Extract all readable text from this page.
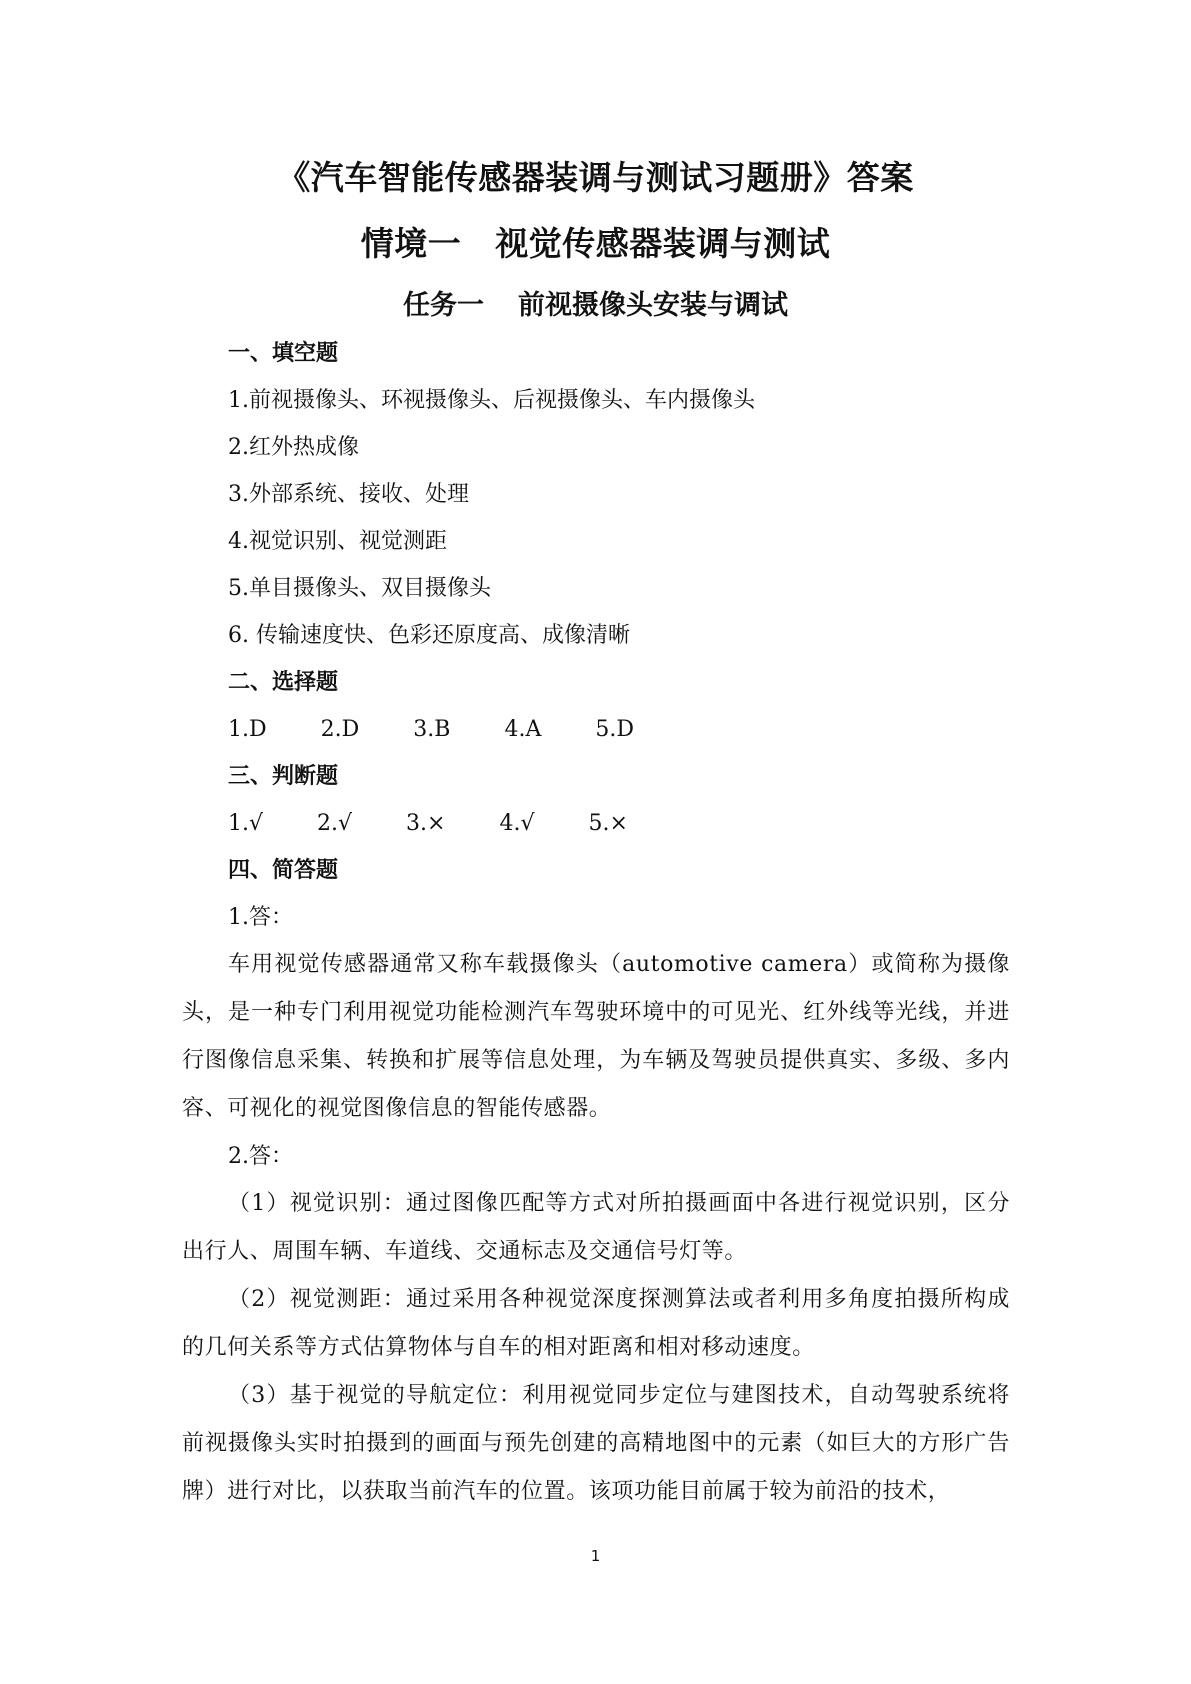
《汽车智能传感器装调与测试习题册》答案
情境一 视觉传感器装调与测试
任务一 前视摄像头安装与调试
一、填空题
1.前视摄像头、环视摄像头、后视摄像头、车内摄像头
2.红外热成像
3.外部系统、接收、处理
4.视觉识别、视觉测距
5.单目摄像头、双目摄像头
6. 传输速度快、色彩还原度高、成像清晰
二、选择题
1.D 2.D 3.B 4.A 5.D
三、判断题
1.√ 2.√ 3.× 4.√ 5.×
四、简答题
1.答：

车用视觉传感器通常又称车载摄像头（automotive camera）或简称为摄像头，是一种专门利用视觉功能检测汽车驾驶环境中的可见光、红外线等光线，并进行图像信息采集、转换和扩展等信息处理，为车辆及驾驶员提供真实、多级、多内容、可视化的视觉图像信息的智能传感器。

2.答：

（1）视觉识别：通过图像匹配等方式对所拍摄画面中各进行视觉识别，区分出行人、周围车辆、车道线、交通标志及交通信号灯等。

（2）视觉测距：通过采用各种视觉深度探测算法或者利用多角度拍摄所构成的几何关系等方式估算物体与自车的相对距离和相对移动速度。

（3）基于视觉的导航定位：利用视觉同步定位与建图技术，自动驾驶系统将前视摄像头实时拍摄到的画面与预先创建的高精地图中的元素（如巨大的方形广告牌）进行对比，以获取当前汽车的位置。该项功能目前属于较为前沿的技术，

1
